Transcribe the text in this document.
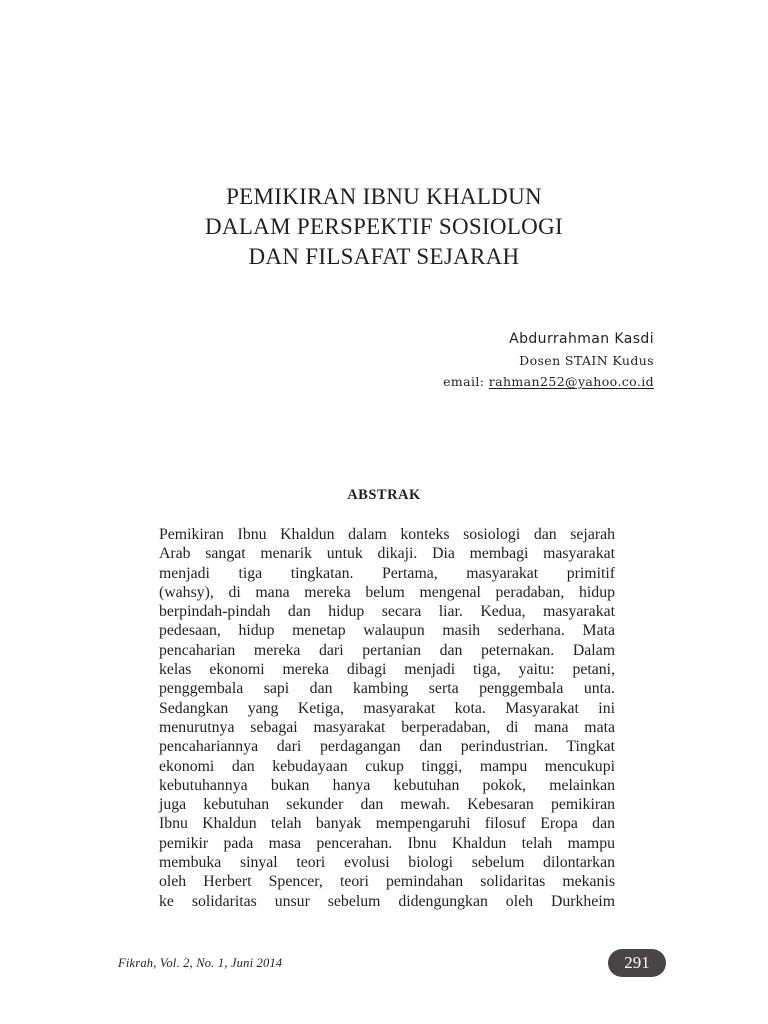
PEMIKIRAN IBNU KHALDUN
DALAM PERSPEKTIF SOSIOLOGI
DAN FILSAFAT SEJARAH
Abdurrahman Kasdi
Dosen STAIN Kudus
email: rahman252@yahoo.co.id
ABSTRAK
Pemikiran Ibnu Khaldun dalam konteks sosiologi dan sejarah
Arab sangat menarik untuk dikaji. Dia membagi masyarakat
menjadi tiga tingkatan. Pertama, masyarakat primitif
(wahsy), di mana mereka belum mengenal peradaban, hidup
berpindah-pindah dan hidup secara liar. Kedua, masyarakat
pedesaan, hidup menetap walaupun masih sederhana. Mata
pencaharian mereka dari pertanian dan peternakan. Dalam
kelas ekonomi mereka dibagi menjadi tiga, yaitu: petani,
penggembala sapi dan kambing serta penggembala unta.
Sedangkan yang Ketiga, masyarakat kota. Masyarakat ini
menurutnya sebagai masyarakat berperadaban, di mana mata
pencahariannya dari perdagangan dan perindustrian. Tingkat
ekonomi dan kebudayaan cukup tinggi, mampu mencukupi
kebutuhannya bukan hanya kebutuhan pokok, melainkan
juga kebutuhan sekunder dan mewah. Kebesaran pemikiran
Ibnu Khaldun telah banyak mempengaruhi filosuf Eropa dan
pemikir pada masa pencerahan. Ibnu Khaldun telah mampu
membuka sinyal teori evolusi biologi sebelum dilontarkan
oleh Herbert Spencer, teori pemindahan solidaritas mekanis
ke solidaritas unsur sebelum didengungkan oleh Durkheim
Fikrah, Vol. 2, No. 1, Juni 2014	291
